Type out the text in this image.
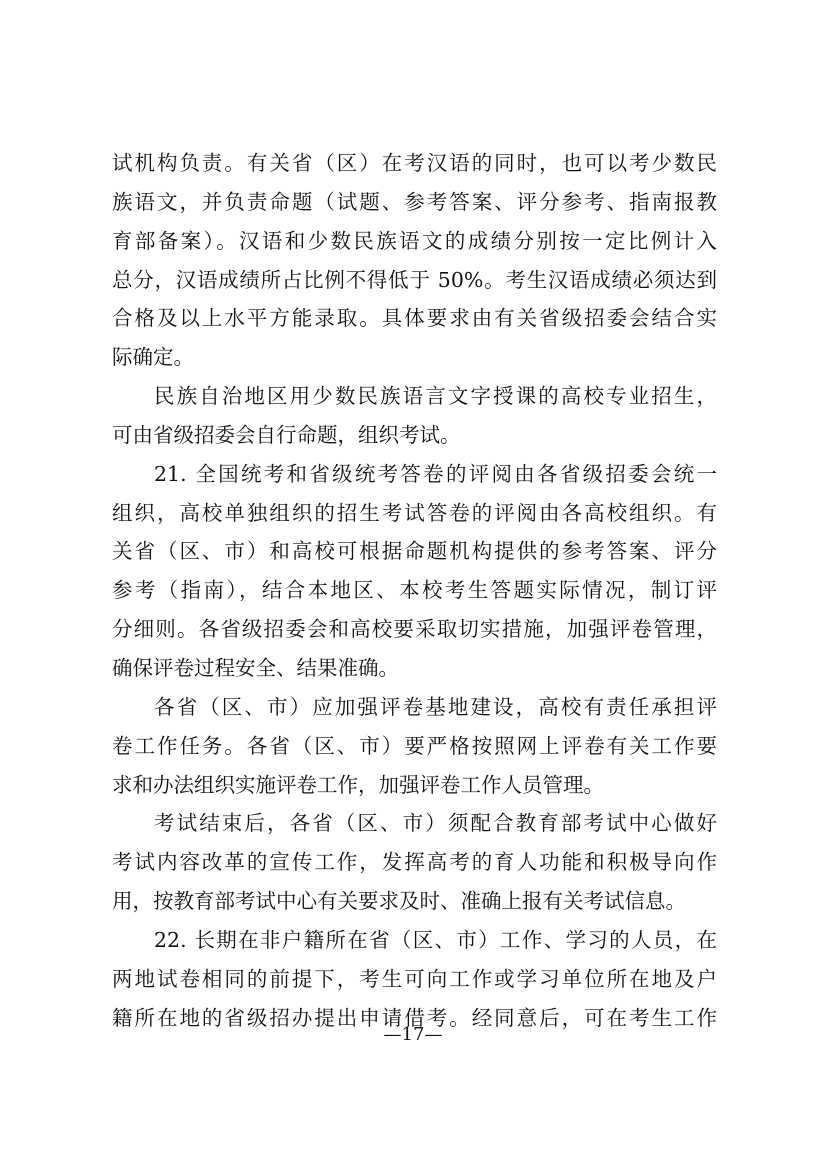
试机构负责。有关省（区）在考汉语的同时，也可以考少数民
族语文，并负责命题（试题、参考答案、评分参考、指南报教
育部备案）。汉语和少数民族语文的成绩分别按一定比例计入
总分，汉语成绩所占比例不得低于 50%。考生汉语成绩必须达到
合格及以上水平方能录取。具体要求由有关省级招委会结合实
际确定。
民族自治地区用少数民族语言文字授课的高校专业招生，
可由省级招委会自行命题，组织考试。
21. 全国统考和省级统考答卷的评阅由各省级招委会统一
组织，高校单独组织的招生考试答卷的评阅由各高校组织。有
关省（区、市）和高校可根据命题机构提供的参考答案、评分
参考（指南），结合本地区、本校考生答题实际情况，制订评
分细则。各省级招委会和高校要采取切实措施，加强评卷管理，
确保评卷过程安全、结果准确。
各省（区、市）应加强评卷基地建设，高校有责任承担评
卷工作任务。各省（区、市）要严格按照网上评卷有关工作要
求和办法组织实施评卷工作，加强评卷工作人员管理。
考试结束后，各省（区、市）须配合教育部考试中心做好
考试内容改革的宣传工作，发挥高考的育人功能和积极导向作
用，按教育部考试中心有关要求及时、准确上报有关考试信息。
22. 长期在非户籍所在省（区、市）工作、学习的人员，在
两地试卷相同的前提下，考生可向工作或学习单位所在地及户
籍所在地的省级招办提出申请借考。经同意后，可在考生工作
—17—
